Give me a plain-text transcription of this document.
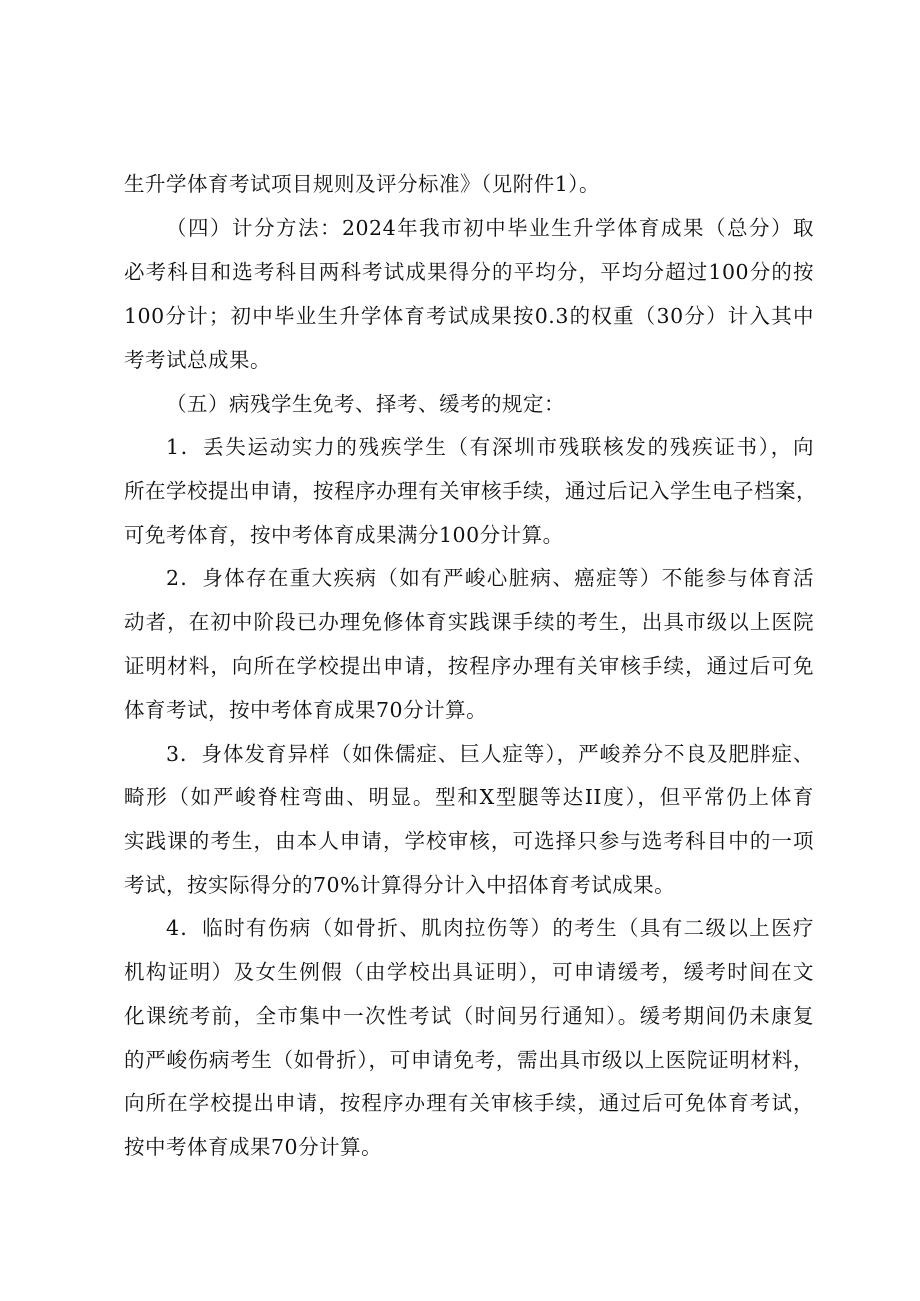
生升学体育考试项目规则及评分标准》（见附件1）。
（四）计分方法：2024年我市初中毕业生升学体育成果（总分）取
必考科目和选考科目两科考试成果得分的平均分，平均分超过100分的按
100分计；初中毕业生升学体育考试成果按0.3的权重（30分）计入其中
考考试总成果。
（五）病残学生免考、择考、缓考的规定：
1．丢失运动实力的残疾学生（有深圳市残联核发的残疾证书），向
所在学校提出申请，按程序办理有关审核手续，通过后记入学生电子档案，
可免考体育，按中考体育成果满分100分计算。
2．身体存在重大疾病（如有严峻心脏病、癌症等）不能参与体育活
动者，在初中阶段已办理免修体育实践课手续的考生，出具市级以上医院
证明材料，向所在学校提出申请，按程序办理有关审核手续，通过后可免
体育考试，按中考体育成果70分计算。
3．身体发育异样（如侏儒症、巨人症等），严峻养分不良及肥胖症、
畸形（如严峻脊柱弯曲、明显。型和X型腿等达II度），但平常仍上体育
实践课的考生，由本人申请，学校审核，可选择只参与选考科目中的一项
考试，按实际得分的70%计算得分计入中招体育考试成果。
4．临时有伤病（如骨折、肌肉拉伤等）的考生（具有二级以上医疗
机构证明）及女生例假（由学校出具证明），可申请缓考，缓考时间在文
化课统考前，全市集中一次性考试（时间另行通知）。缓考期间仍未康复
的严峻伤病考生（如骨折），可申请免考，需出具市级以上医院证明材料，
向所在学校提出申请，按程序办理有关审核手续，通过后可免体育考试，
按中考体育成果70分计算。
